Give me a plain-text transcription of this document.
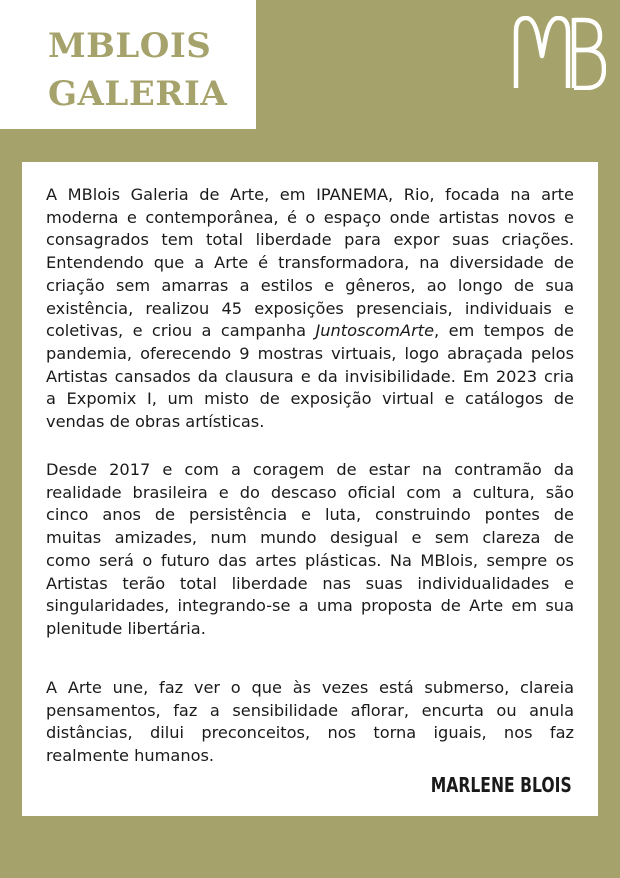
MBLOIS
GALERIA

A MBlois Galeria de Arte, em IPANEMA, Rio, focada na arte
moderna e contemporânea, é o espaço onde artistas novos e
consagrados tem total liberdade para expor suas criações.
Entendendo que a Arte é transformadora, na diversidade de
criação sem amarras a estilos e gêneros, ao longo de sua
existência, realizou 45 exposições presenciais, individuais e
coletivas, e criou a campanha JuntoscomArte, em tempos de
pandemia, oferecendo 9 mostras virtuais, logo abraçada pelos
Artistas cansados da clausura e da invisibilidade. Em 2023 cria
a Expomix I, um misto de exposição virtual e catálogos de
vendas de obras artísticas.

Desde 2017 e com a coragem de estar na contramão da
realidade brasileira e do descaso oficial com a cultura, são
cinco anos de persistência e luta, construindo pontes de
muitas amizades, num mundo desigual e sem clareza de
como será o futuro das artes plásticas. Na MBlois, sempre os
Artistas terão total liberdade nas suas individualidades e
singularidades, integrando-se a uma proposta de Arte em sua
plenitude libertária.

A Arte une, faz ver o que às vezes está submerso, clareia
pensamentos, faz a sensibilidade aflorar, encurta ou anula
distâncias, dilui preconceitos, nos torna iguais, nos faz
realmente humanos.

MARLENE BLOIS
